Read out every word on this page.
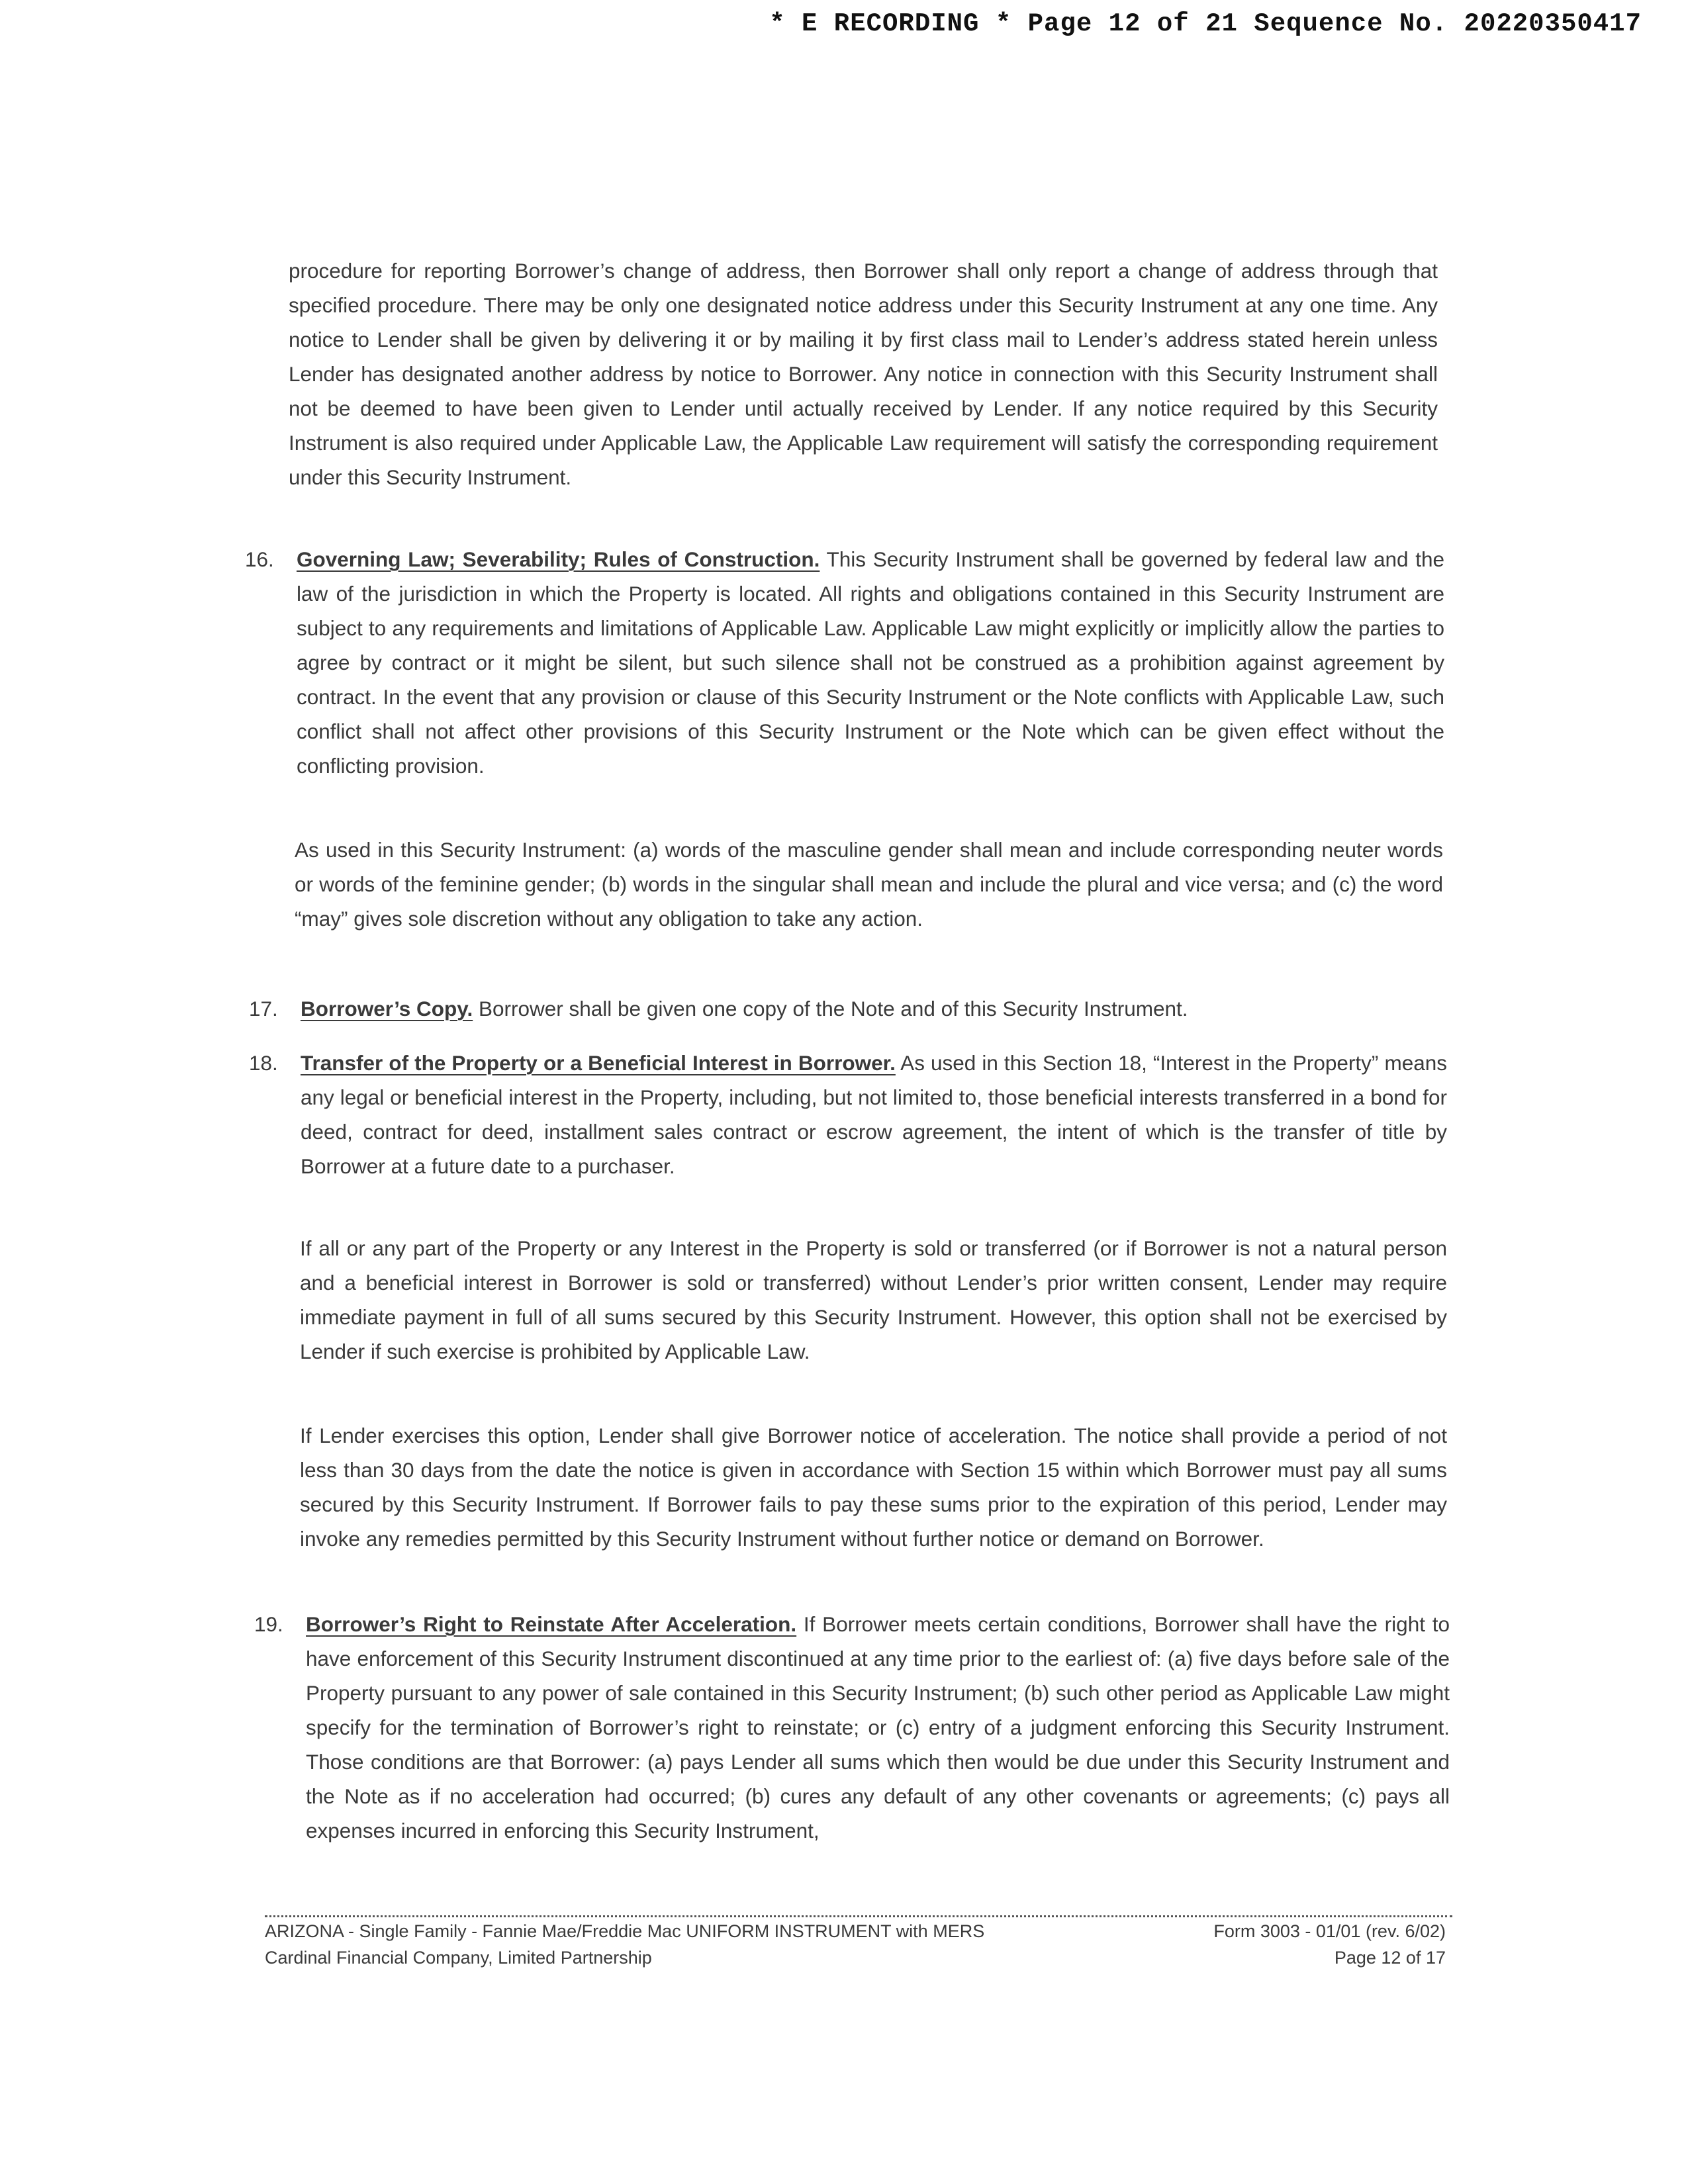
* E RECORDING * Page 12 of 21 Sequence No. 20220350417

procedure for reporting Borrower’s change of address, then Borrower shall only report a change of address through that specified procedure. There may be only one designated notice address under this Security Instrument at any one time. Any notice to Lender shall be given by delivering it or by mailing it by first class mail to Lender’s address stated herein unless Lender has designated another address by notice to Borrower. Any notice in connection with this Security Instrument shall not be deemed to have been given to Lender until actually received by Lender. If any notice required by this Security Instrument is also required under Applicable Law, the Applicable Law requirement will satisfy the corresponding requirement under this Security Instrument.

16.	Governing Law; Severability; Rules of Construction. This Security Instrument shall be governed by federal law and the law of the jurisdiction in which the Property is located. All rights and obligations contained in this Security Instrument are subject to any requirements and limitations of Applicable Law. Applicable Law might explicitly or implicitly allow the parties to agree by contract or it might be silent, but such silence shall not be construed as a prohibition against agreement by contract. In the event that any provision or clause of this Security Instrument or the Note conflicts with Applicable Law, such conflict shall not affect other provisions of this Security Instrument or the Note which can be given effect without the conflicting provision.

As used in this Security Instrument: (a) words of the masculine gender shall mean and include corresponding neuter words or words of the feminine gender; (b) words in the singular shall mean and include the plural and vice versa; and (c) the word “may” gives sole discretion without any obligation to take any action.

17.	Borrower’s Copy. Borrower shall be given one copy of the Note and of this Security Instrument.
18.	Transfer of the Property or a Beneficial Interest in Borrower. As used in this Section 18, “Interest in the Property” means any legal or beneficial interest in the Property, including, but not limited to, those beneficial interests transferred in a bond for deed, contract for deed, installment sales contract or escrow agreement, the intent of which is the transfer of title by Borrower at a future date to a purchaser.

If all or any part of the Property or any Interest in the Property is sold or transferred (or if Borrower is not a natural person and a beneficial interest in Borrower is sold or transferred) without Lender’s prior written consent, Lender may require immediate payment in full of all sums secured by this Security Instrument. However, this option shall not be exercised by Lender if such exercise is prohibited by Applicable Law.

If Lender exercises this option, Lender shall give Borrower notice of acceleration. The notice shall provide a period of not less than 30 days from the date the notice is given in accordance with Section 15 within which Borrower must pay all sums secured by this Security Instrument. If Borrower fails to pay these sums prior to the expiration of this period, Lender may invoke any remedies permitted by this Security Instrument without further notice or demand on Borrower.

19.	Borrower’s Right to Reinstate After Acceleration. If Borrower meets certain conditions, Borrower shall have the right to have enforcement of this Security Instrument discontinued at any time prior to the earliest of: (a) five days before sale of the Property pursuant to any power of sale contained in this Security Instrument; (b) such other period as Applicable Law might specify for the termination of Borrower’s right to reinstate; or (c) entry of a judgment enforcing this Security Instrument. Those conditions are that Borrower: (a) pays Lender all sums which then would be due under this Security Instrument and the Note as if no acceleration had occurred; (b) cures any default of any other covenants or agreements; (c) pays all expenses incurred in enforcing this Security Instrument,
ARIZONA - Single Family - Fannie Mae/Freddie Mac UNIFORM INSTRUMENT with MERS
Cardinal Financial Company, Limited Partnership
Form 3003 - 01/01 (rev. 6/02)
Page 12 of 17
